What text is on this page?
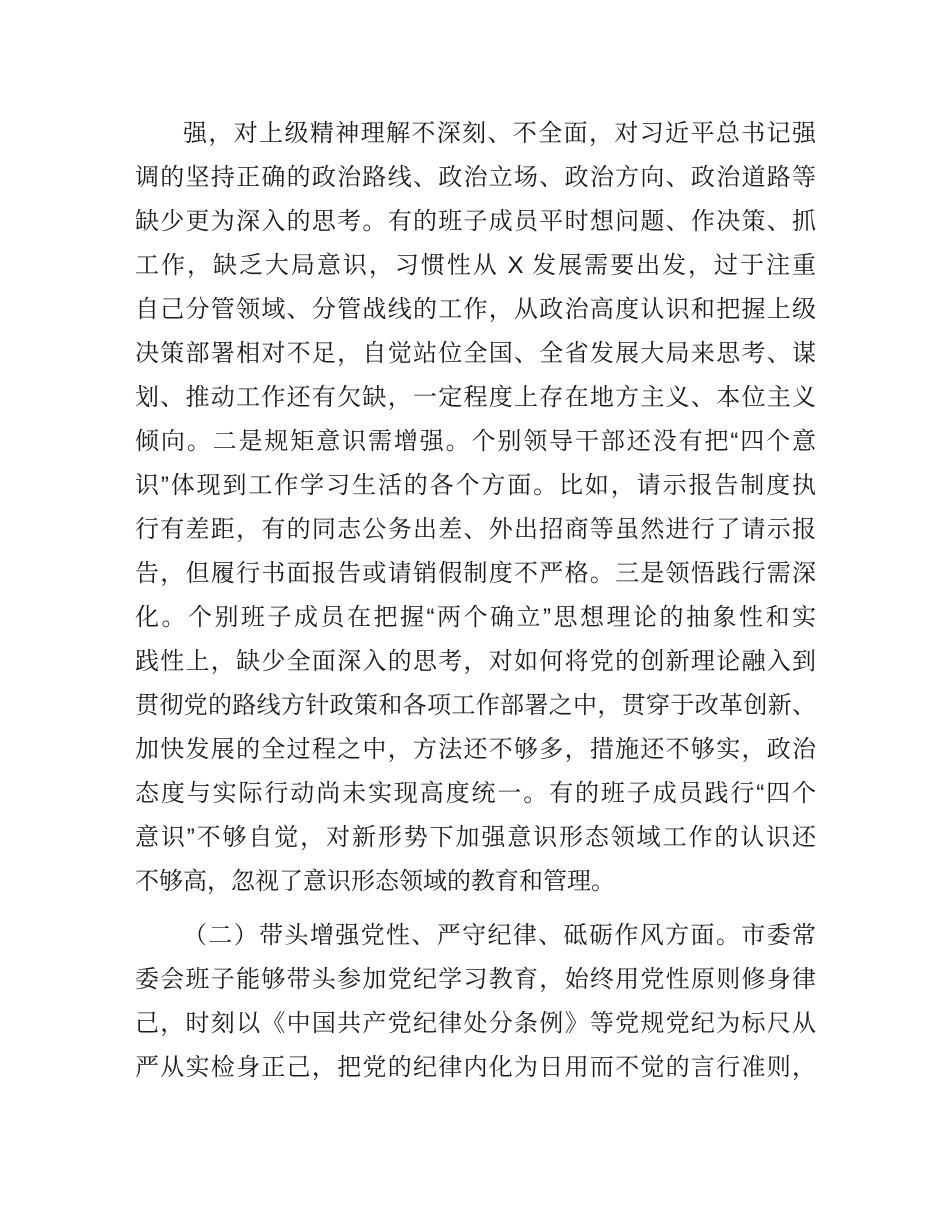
强，对上级精神理解不深刻、不全面，对习近平总书记强
调的坚持正确的政治路线、政治立场、政治方向、政治道路等
缺少更为深入的思考。有的班子成员平时想问题、作决策、抓
工作，缺乏大局意识，习惯性从 X 发展需要出发，过于注重
自己分管领域、分管战线的工作，从政治高度认识和把握上级
决策部署相对不足，自觉站位全国、全省发展大局来思考、谋
划、推动工作还有欠缺，一定程度上存在地方主义、本位主义
倾向。二是规矩意识需增强。个别领导干部还没有把“四个意
识”体现到工作学习生活的各个方面。比如，请示报告制度执
行有差距，有的同志公务出差、外出招商等虽然进行了请示报
告，但履行书面报告或请销假制度不严格。三是领悟践行需深
化。个别班子成员在把握“两个确立”思想理论的抽象性和实
践性上，缺少全面深入的思考，对如何将党的创新理论融入到
贯彻党的路线方针政策和各项工作部署之中，贯穿于改革创新、
加快发展的全过程之中，方法还不够多，措施还不够实，政治
态度与实际行动尚未实现高度统一。有的班子成员践行“四个
意识”不够自觉，对新形势下加强意识形态领域工作的认识还
不够高，忽视了意识形态领域的教育和管理。
（二）带头增强党性、严守纪律、砥砺作风方面。市委常
委会班子能够带头参加党纪学习教育，始终用党性原则修身律
己，时刻以《中国共产党纪律处分条例》等党规党纪为标尺从
严从实检身正己，把党的纪律内化为日用而不觉的言行准则，
